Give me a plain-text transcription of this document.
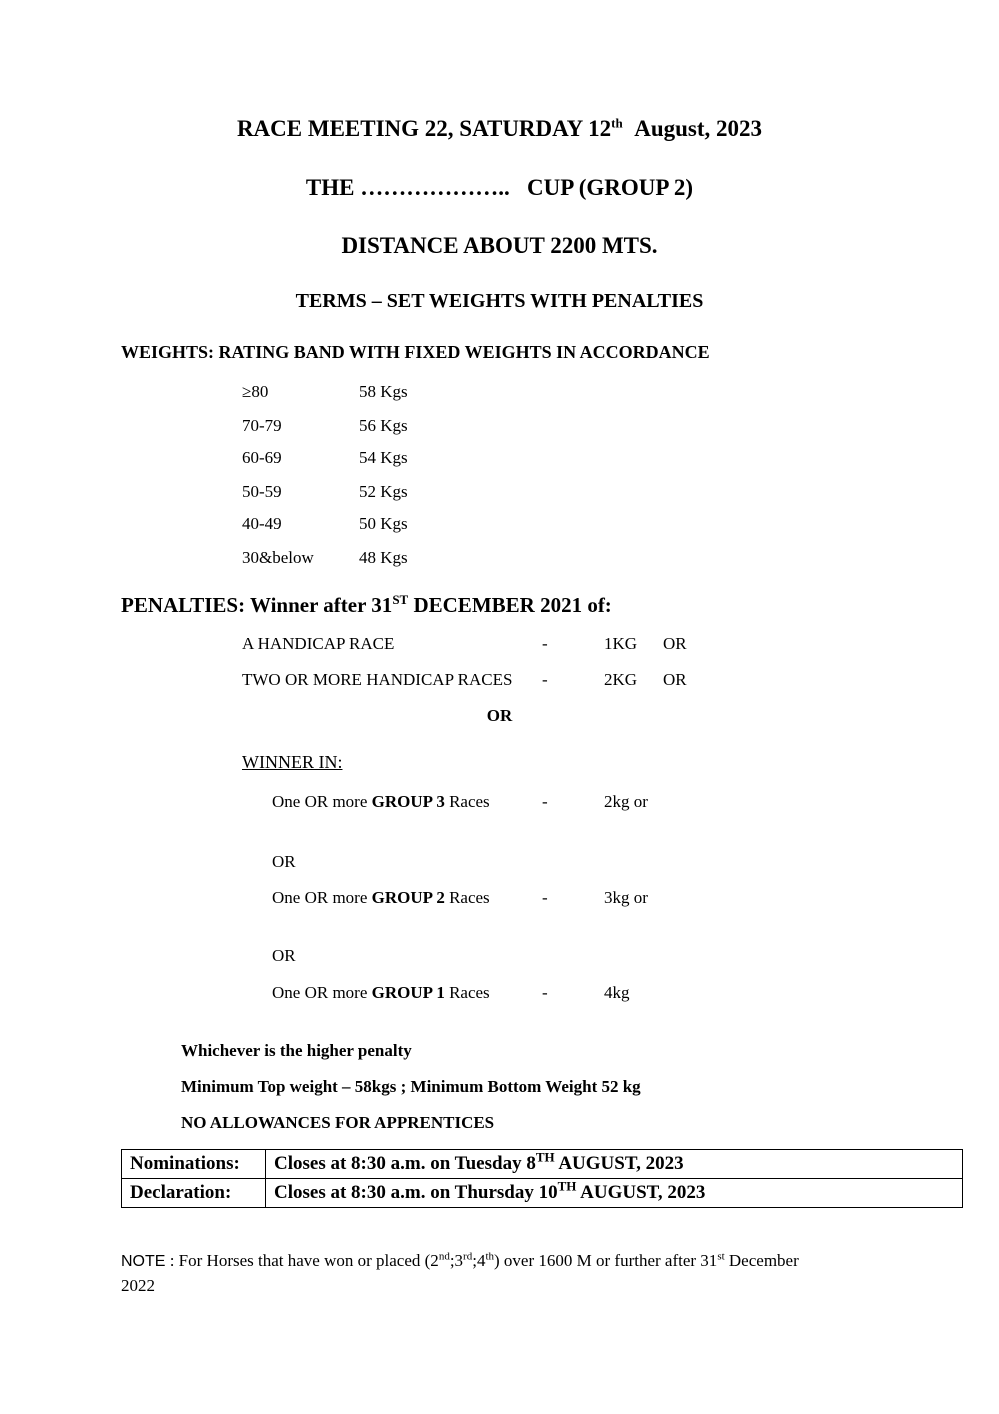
RACE MEETING 22, SATURDAY 12th August, 2023
THE ………………..   CUP (GROUP 2)
DISTANCE ABOUT 2200 MTS.
TERMS – SET WEIGHTS WITH PENALTIES
WEIGHTS: RATING BAND WITH FIXED WEIGHTS IN ACCORDANCE
≥80	58 Kgs
70-79	56 Kgs
60-69	54 Kgs
50-59	52 Kgs
40-49	50 Kgs
30&below	48 Kgs
PENALTIES: Winner after 31ST DECEMBER 2021 of:
A HANDICAP RACE	-	1KG OR
TWO OR MORE HANDICAP RACES -	2KG OR
OR
WINNER IN:
One OR more GROUP 3 Races	-	2kg or
OR
One OR more GROUP 2 Races	-	3kg or
OR
One OR more GROUP 1 Races	-	4kg
Whichever is the higher penalty
Minimum Top weight – 58kgs ; Minimum Bottom Weight 52 kg
NO ALLOWANCES FOR APPRENTICES
Nominations:	Closes at 8:30 a.m. on Tuesday 8TH AUGUST, 2023
Declaration:	Closes at 8:30 a.m. on Thursday 10TH AUGUST, 2023
NOTE : For Horses that have won or placed (2nd;3rd;4th) over 1600 M or further after 31st December
2022
